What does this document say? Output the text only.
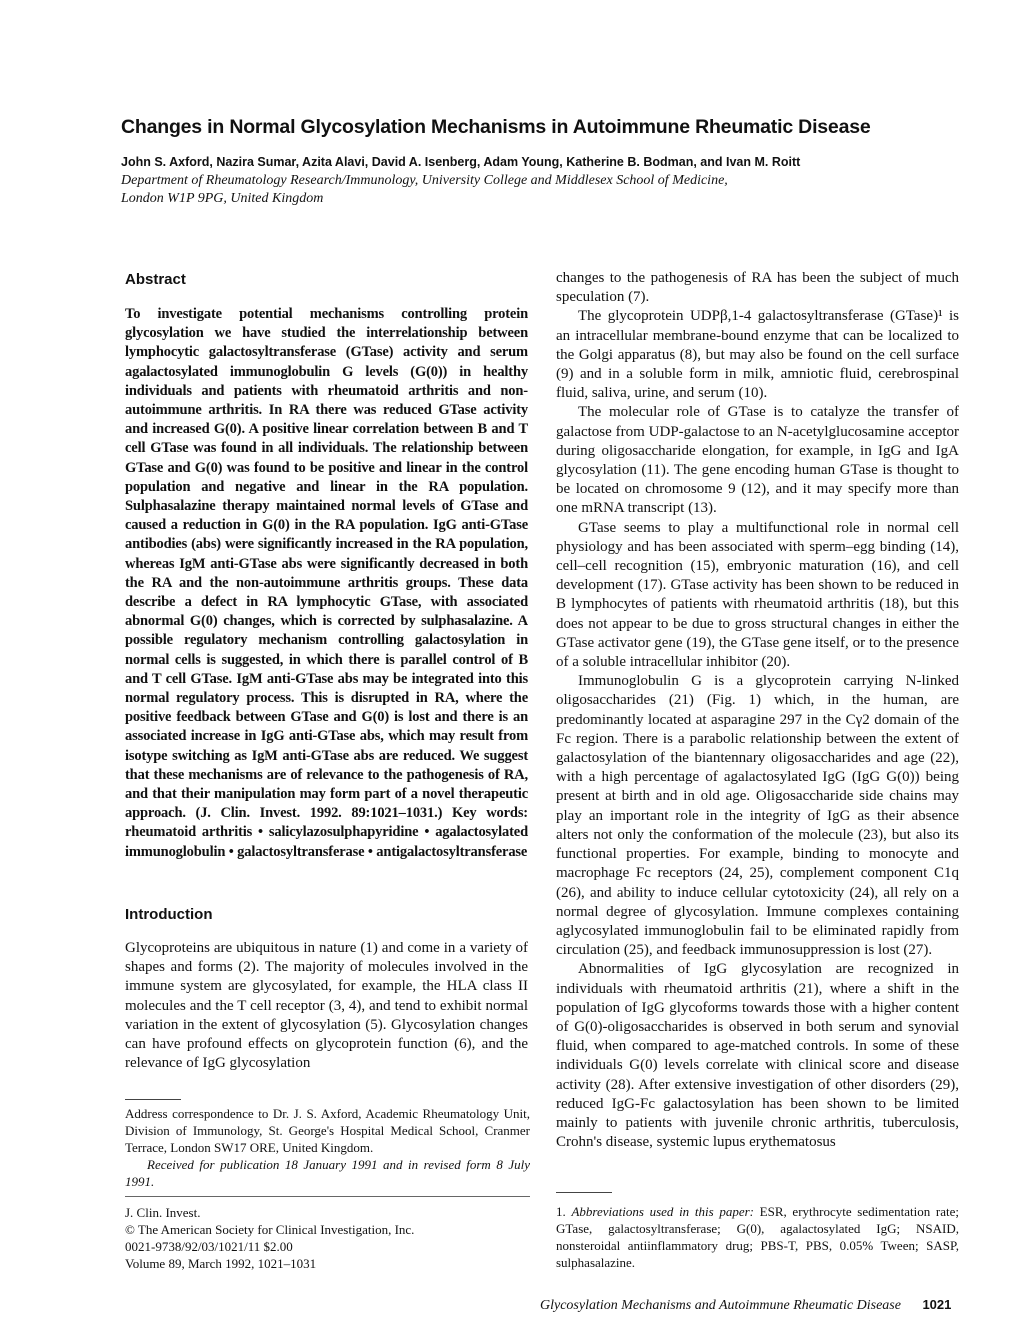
Changes in Normal Glycosylation Mechanisms in Autoimmune Rheumatic Disease
John S. Axford, Nazira Sumar, Azita Alavi, David A. Isenberg, Adam Young, Katherine B. Bodman, and Ivan M. Roitt
Department of Rheumatology Research/Immunology, University College and Middlesex School of Medicine,
London W1P 9PG, United Kingdom
Abstract

To investigate potential mechanisms controlling protein glycosylation we have studied the interrelationship between lymphocytic galactosyltransferase (GTase) activity and serum agalactosylated immunoglobulin G levels (G(0)) in healthy individuals and patients with rheumatoid arthritis and non-autoimmune arthritis. In RA there was reduced GTase activity and increased G(0). A positive linear correlation between B and T cell GTase was found in all individuals. The relationship between GTase and G(0) was found to be positive and linear in the control population and negative and linear in the RA population. Sulphasalazine therapy maintained normal levels of GTase and caused a reduction in G(0) in the RA population. IgG anti-GTase antibodies (abs) were significantly increased in the RA population, whereas IgM anti-GTase abs were significantly decreased in both the RA and the non-autoimmune arthritis groups. These data describe a defect in RA lymphocytic GTase, with associated abnormal G(0) changes, which is corrected by sulphasalazine. A possible regulatory mechanism controlling galactosylation in normal cells is suggested, in which there is parallel control of B and T cell GTase. IgM anti-GTase abs may be integrated into this normal regulatory process. This is disrupted in RA, where the positive feedback between GTase and G(0) is lost and there is an associated increase in IgG anti-GTase abs, which may result from isotype switching as IgM anti-GTase abs are reduced. We suggest that these mechanisms are of relevance to the pathogenesis of RA, and that their manipulation may form part of a novel therapeutic approach. (J. Clin. Invest. 1992. 89:1021–1031.) Key words: rheumatoid arthritis • salicylazosulphapyridine • agalactosylated immunoglobulin • galactosyltransferase • antigalactosyltransferase

Introduction

Glycoproteins are ubiquitous in nature (1) and come in a variety of shapes and forms (2). The majority of molecules involved in the immune system are glycosylated, for example, the HLA class II molecules and the T cell receptor (3, 4), and tend to exhibit normal variation in the extent of glycosylation (5). Glycosylation changes can have profound effects on glycoprotein function (6), and the relevance of IgG glycosylation

changes to the pathogenesis of RA has been the subject of much speculation (7).

The glycoprotein UDPβ,1-4 galactosyltransferase (GTase)¹ is an intracellular membrane-bound enzyme that can be localized to the Golgi apparatus (8), but may also be found on the cell surface (9) and in a soluble form in milk, amniotic fluid, cerebrospinal fluid, saliva, urine, and serum (10).

The molecular role of GTase is to catalyze the transfer of galactose from UDP-galactose to an N-acetylglucosamine acceptor during oligosaccharide elongation, for example, in IgG and IgA glycosylation (11). The gene encoding human GTase is thought to be located on chromosome 9 (12), and it may specify more than one mRNA transcript (13).

GTase seems to play a multifunctional role in normal cell physiology and has been associated with sperm–egg binding (14), cell–cell recognition (15), embryonic maturation (16), and cell development (17). GTase activity has been shown to be reduced in B lymphocytes of patients with rheumatoid arthritis (18), but this does not appear to be due to gross structural changes in either the GTase activator gene (19), the GTase gene itself, or to the presence of a soluble intracellular inhibitor (20).

Immunoglobulin G is a glycoprotein carrying N-linked oligosaccharides (21) (Fig. 1) which, in the human, are predominantly located at asparagine 297 in the Cγ2 domain of the Fc region. There is a parabolic relationship between the extent of galactosylation of the biantennary oligosaccharides and age (22), with a high percentage of agalactosylated IgG (IgG G(0)) being present at birth and in old age. Oligosaccharide side chains may play an important role in the integrity of IgG as their absence alters not only the conformation of the molecule (23), but also its functional properties. For example, binding to monocyte and macrophage Fc receptors (24, 25), complement component C1q (26), and ability to induce cellular cytotoxicity (24), all rely on a normal degree of glycosylation. Immune complexes containing aglycosylated immunoglobulin fail to be eliminated rapidly from circulation (25), and feedback immunosuppression is lost (27).

Abnormalities of IgG glycosylation are recognized in individuals with rheumatoid arthritis (21), where a shift in the population of IgG glycoforms towards those with a higher content of G(0)-oligosaccharides is observed in both serum and synovial fluid, when compared to age-matched controls. In some of these individuals G(0) levels correlate with clinical score and disease activity (28). After extensive investigation of other disorders (29), reduced IgG-Fc galactosylation has been shown to be limited mainly to patients with juvenile chronic arthritis, tuberculosis, Crohn's disease, systemic lupus erythematosus

Address correspondence to Dr. J. S. Axford, Academic Rheumatology Unit, Division of Immunology, St. George's Hospital Medical School, Cranmer Terrace, London SW17 ORE, United Kingdom.
Received for publication 18 January 1991 and in revised form 8 July 1991.
J. Clin. Invest.
© The American Society for Clinical Investigation, Inc.
0021-9738/92/03/1021/11 $2.00
Volume 89, March 1992, 1021–1031
1. Abbreviations used in this paper: ESR, erythrocyte sedimentation rate; GTase, galactosyltransferase; G(0), agalactosylated IgG; NSAID, nonsteroidal antiinflammatory drug; PBS-T, PBS, 0.05% Tween; SASP, sulphasalazine.
Glycosylation Mechanisms and Autoimmune Rheumatic Disease 1021
